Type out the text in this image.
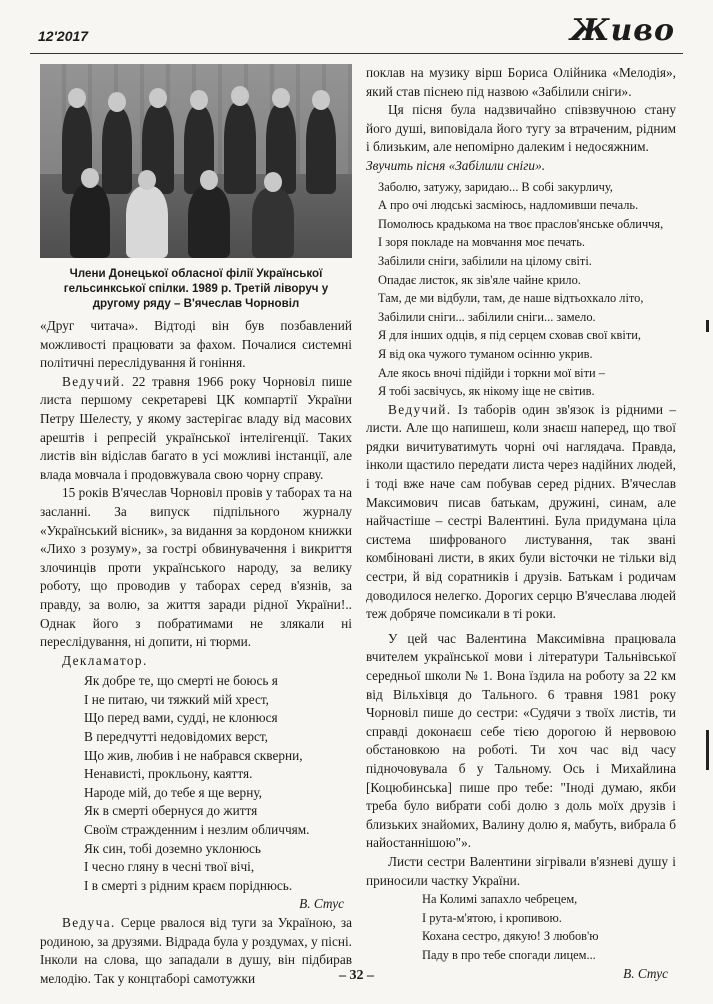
12'2017	Живо
Члени Донецької обласної філії Української гельсинкської спілки. 1989 р. Третій ліворуч у другому ряду – В'ячеслав Чорновіл

«Друг читача». Відтоді він був позбавлений можливості працювати за фахом. Почалися системні політичні переслідування й гоніння.

Ведучий. 22 травня 1966 року Чорновіл пише листа першому секретареві ЦК компартії України Петру Шелесту, у якому застерігає владу від масових арештів і репресій української інтелігенції. Таких листів він відіслав багато в усі можливі інстанції, але влада мовчала і продовжувала свою чорну справу.

15 років В'ячеслав Чорновіл провів у таборах та на засланні. За випуск підпільного журналу «Український вісник», за видання за кордоном книжки «Лихо з розуму», за гострі обвинувачення і викриття злочинців проти українського народу, за велику роботу, що проводив у таборах серед в'язнів, за правду, за волю, за життя заради рідної України!.. Однак його з побратимами не злякали ні переслідування, ні допити, ні тюрми.

Декламатор.

Як добре те, що смерті не боюсь я
І не питаю, чи тяжкий мій хрест,
Що перед вами, судді, не клонюся
В передчутті недовідомих верст,
Що жив, любив і не набрався скверни,
Ненависті, прокльону, каяття.
Народе мій, до тебе я ще верну,
Як в смерті обернуся до життя
Своїм стражденним і незлим обличчям.
Як син, тобі доземно уклонюсь
І чесно гляну в чесні твої вічі,
І в смерті з рідним краєм поріднюсь.
В. Стус

Ведуча. Серце рвалося від туги за Україною, за родиною, за друзями. Відрада була у роздумах, у пісні. Інколи на слова, що западали в душу, він підбирав мелодію. Так у концтаборі самотужки

поклав на музику вірш Бориса Олійника «Мелодія», який став піснею під назвою «Забілили сніги».

Ця пісня була надзвичайно співзвучною стану його душі, виповідала його тугу за втраченим, рідним і близьким, але непомірно далеким і недосяжним.

Звучить пісня «Забілили сніги».

Заболю, затужу, заридаю... В собі закурличу,
А про очі людські засміюсь, надломивши печаль.
Помолюсь крадькома на твоє праслов'янське обличчя,
І зоря покладе на мовчання моє печать.
Забілили сніги, забілили на цілому світі.
Опадає листок, як зів'яле чайне крило.
Там, де ми відбули, там, де наше відтьохкало літо,
Забілили сніги... забілили сніги... замело.
Я для інших одців, я під серцем сховав свої квіти,
Я від ока чужого туманом осінню укрив.
Але якось вночі підійди і торкни мої віти –
Я тобі засвічусь, як нікому іще не світив.

Ведучий. Із таборів один зв'язок із рідними – листи. Але що напишеш, коли знаєш наперед, що твої рядки вичитуватимуть чорні очі наглядача. Правда, інколи щастило передати листа через надійних людей, і тоді вже наче сам побував серед рідних. В'ячеслав Максимович писав батькам, дружині, синам, але найчастіше – сестрі Валентині. Була придумана ціла система шифрованого листування, так звані комбіновані листи, в яких були вісточки не тільки від сестри, й від соратників і друзів. Батькам і родичам доводилося нелегко. Дорогих серцю В'ячеслава людей теж добряче помсикали в ті роки.

У цей час Валентина Максимівна працювала вчителем української мови і літератури Тальнівської середньої школи № 1. Вона їздила на роботу за 22 км від Вільхівця до Тального. 6 травня 1981 року Чорновіл пише до сестри: «Судячи з твоїх листів, ти справді доконаєш себе тією дорогою й нервовою обстановкою на роботі. Ти хоч час від часу підночовувала б у Тальному. Ось і Михайлина [Коцюбинська] пише про тебе: "Іноді думаю, якби треба було вибрати собі долю з доль моїх друзів і близьких знайомих, Валину долю я, мабуть, вибрала б найостаннішою"».

Листи сестри Валентини зігрівали в'язневі душу і приносили частку України.

На Колимі запахло чебрецем,
І рута-м'ятою, і кропивою.
Кохана сестро, дякую! З любов'ю
Паду в про тебе спогади лицем...
В. Стус
– 32 –
